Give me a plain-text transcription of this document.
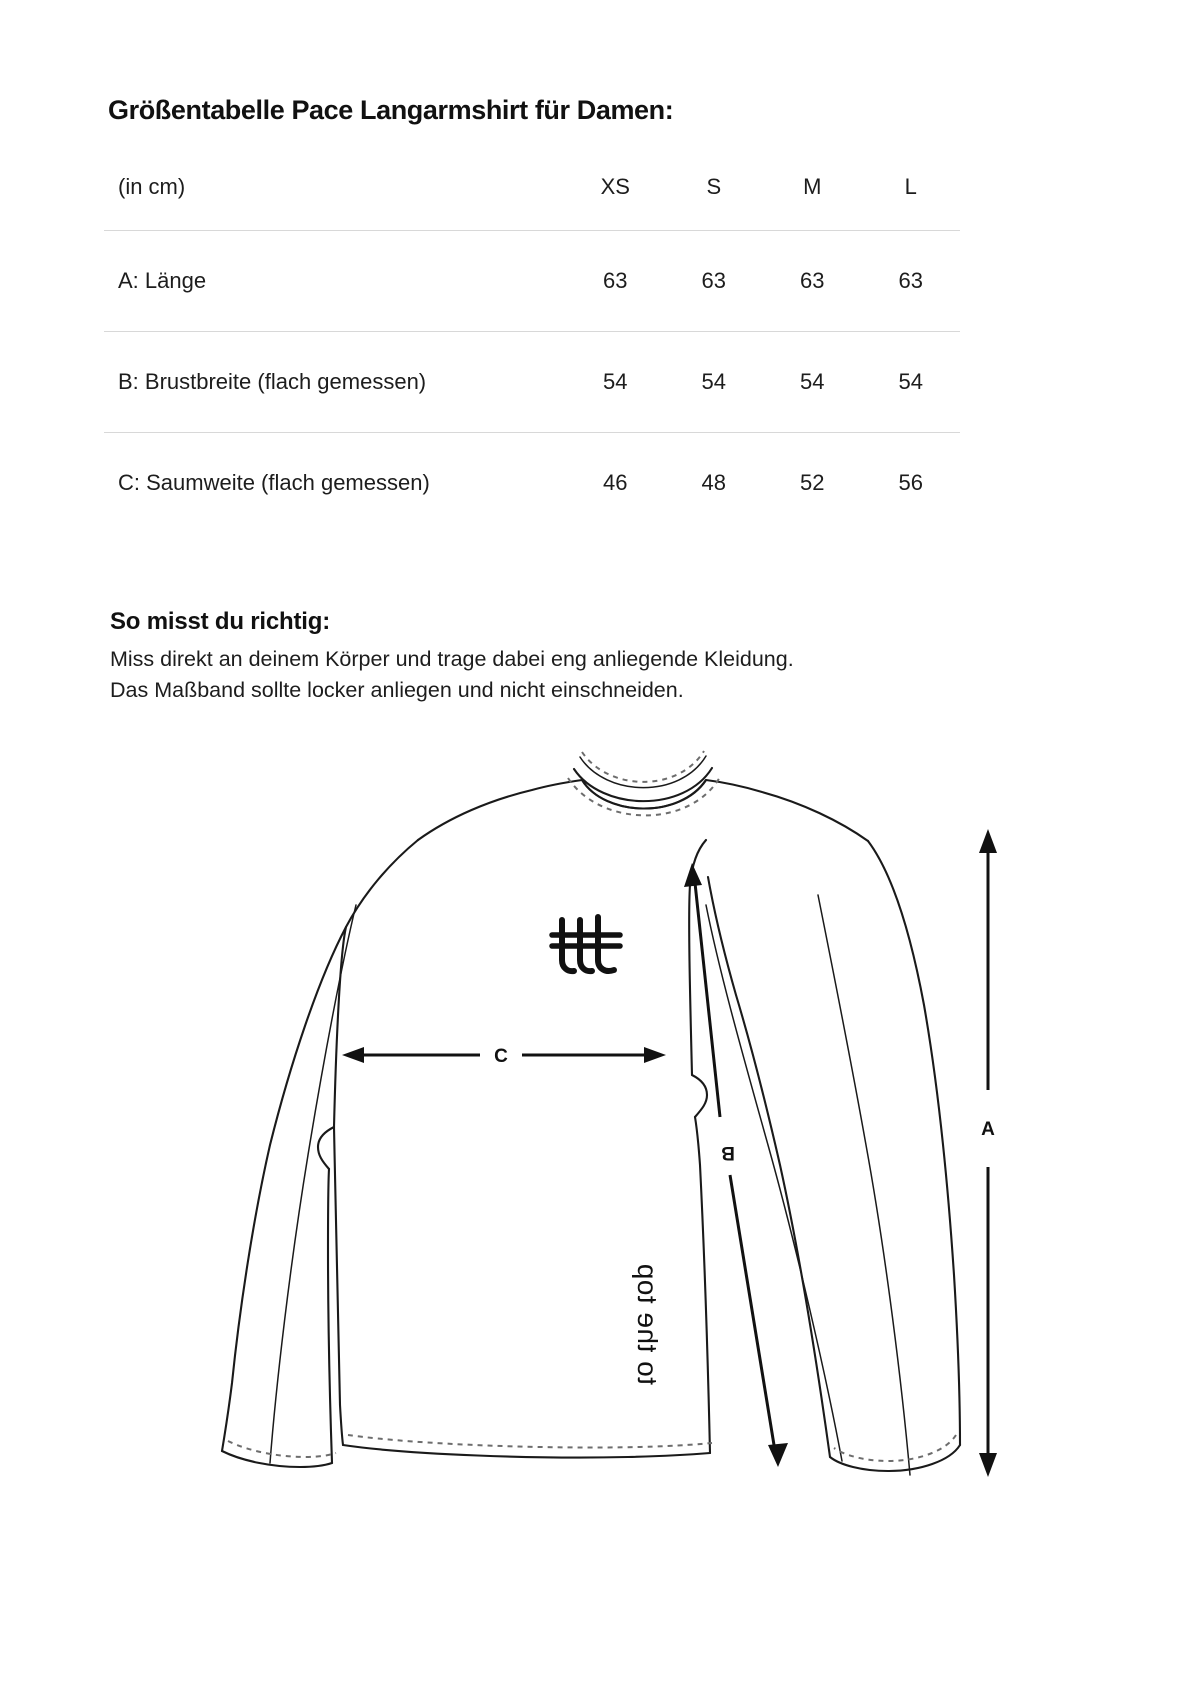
Größentabelle Pace Langarmshirt für Damen:
(in cm)	XS	S	M	L
A: Länge	63	63	63	63
B: Brustbreite (flach gemessen)	54	54	54	54
C: Saumweite (flach gemessen)	46	48	52	56
So misst du richtig:
Miss direkt an deinem Körper und trage dabei eng anliegende Kleidung.
Das Maßband sollte locker anliegen und nicht einschneiden.
to the top
C
B
A
